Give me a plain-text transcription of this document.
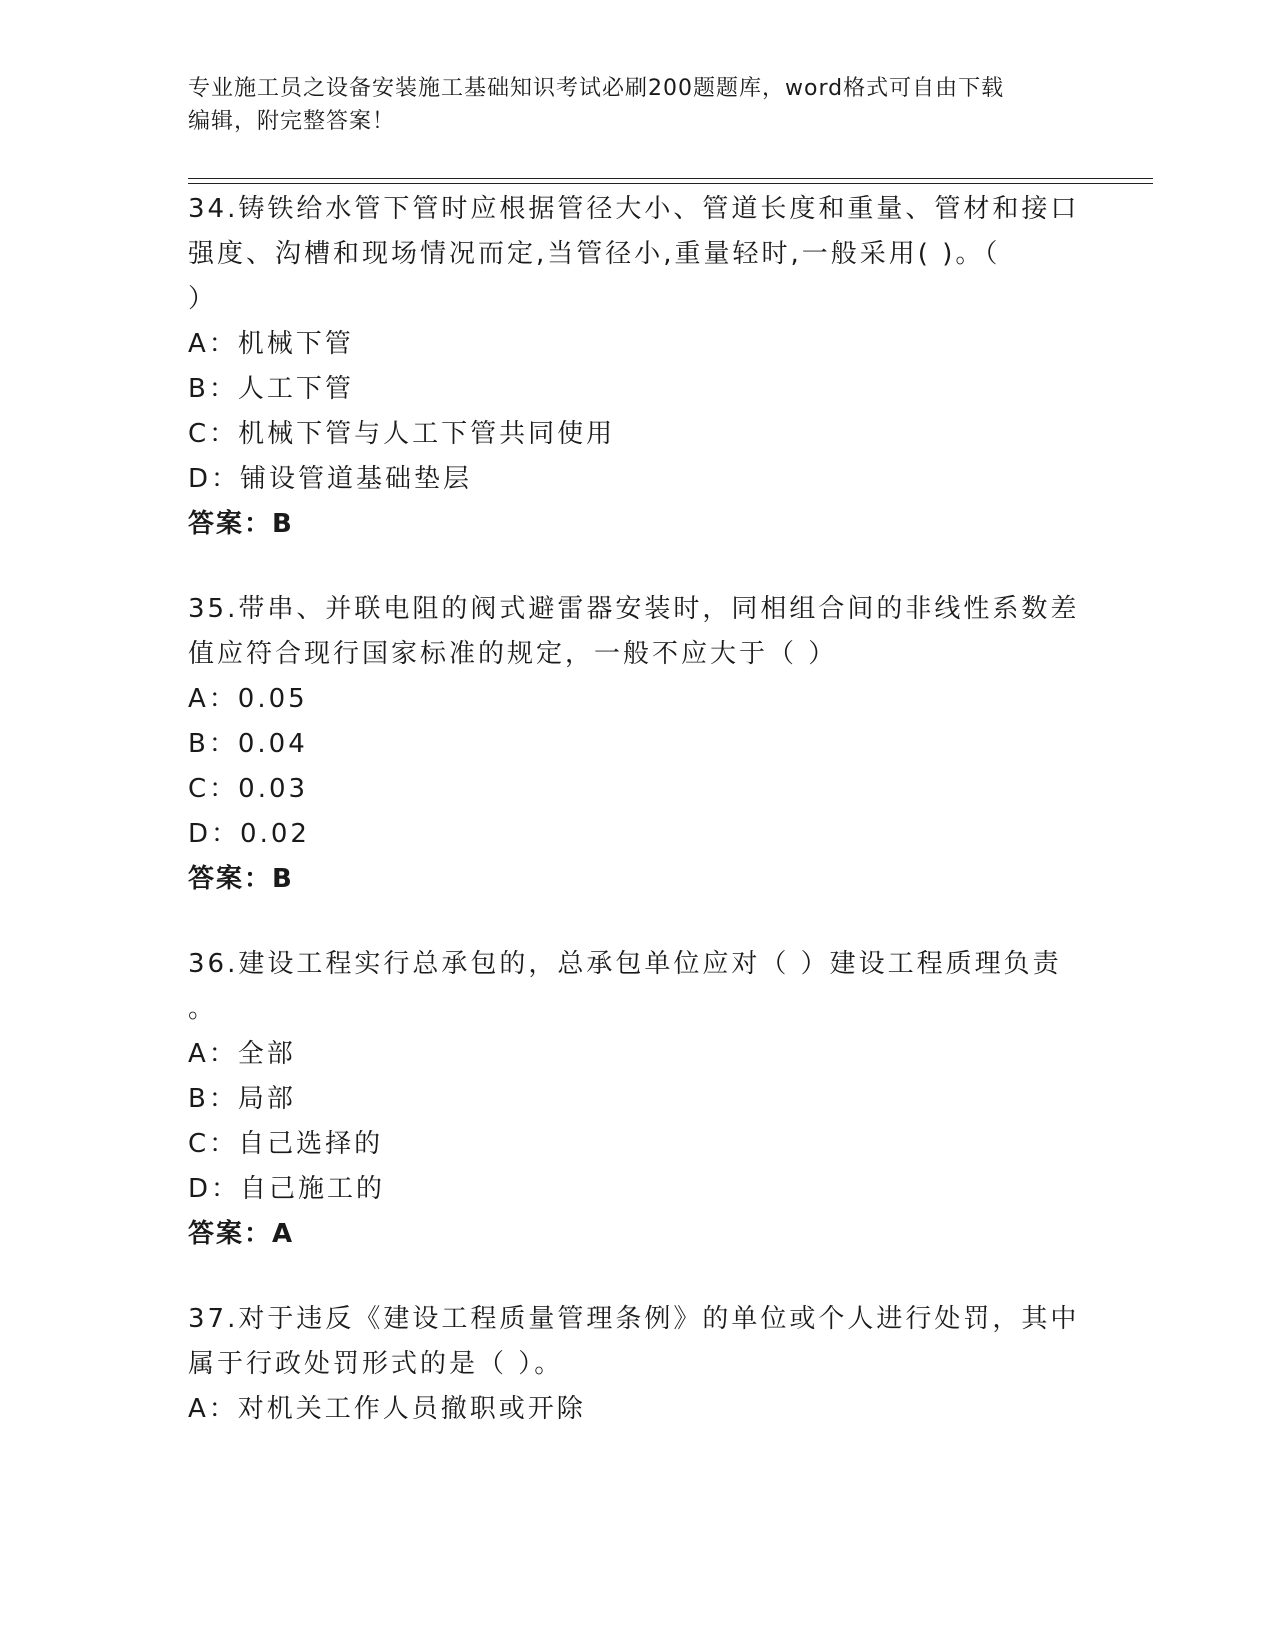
专业施工员之设备安装施工基础知识考试必刷200题题库，word格式可自由下载
编辑，附完整答案！

34.铸铁给水管下管时应根据管径大小、管道长度和重量、管材和接口

强度、沟槽和现场情况而定,当管径小,重量轻时,一般采用( )。（

）

A：机械下管

B：人工下管

C：机械下管与人工下管共同使用

D：铺设管道基础垫层

答案：B

35.带串、并联电阻的阀式避雷器安装时，同相组合间的非线性系数差

值应符合现行国家标准的规定，一般不应大于（ ）

A：0.05

B：0.04

C：0.03

D：0.02

答案：B

36.建设工程实行总承包的，总承包单位应对（ ）建设工程质理负责

。

A：全部

B：局部

C：自己选择的

D：自己施工的

答案：A

37.对于违反《建设工程质量管理条例》的单位或个人进行处罚，其中

属于行政处罚形式的是（ ）。

A：对机关工作人员撤职或开除
